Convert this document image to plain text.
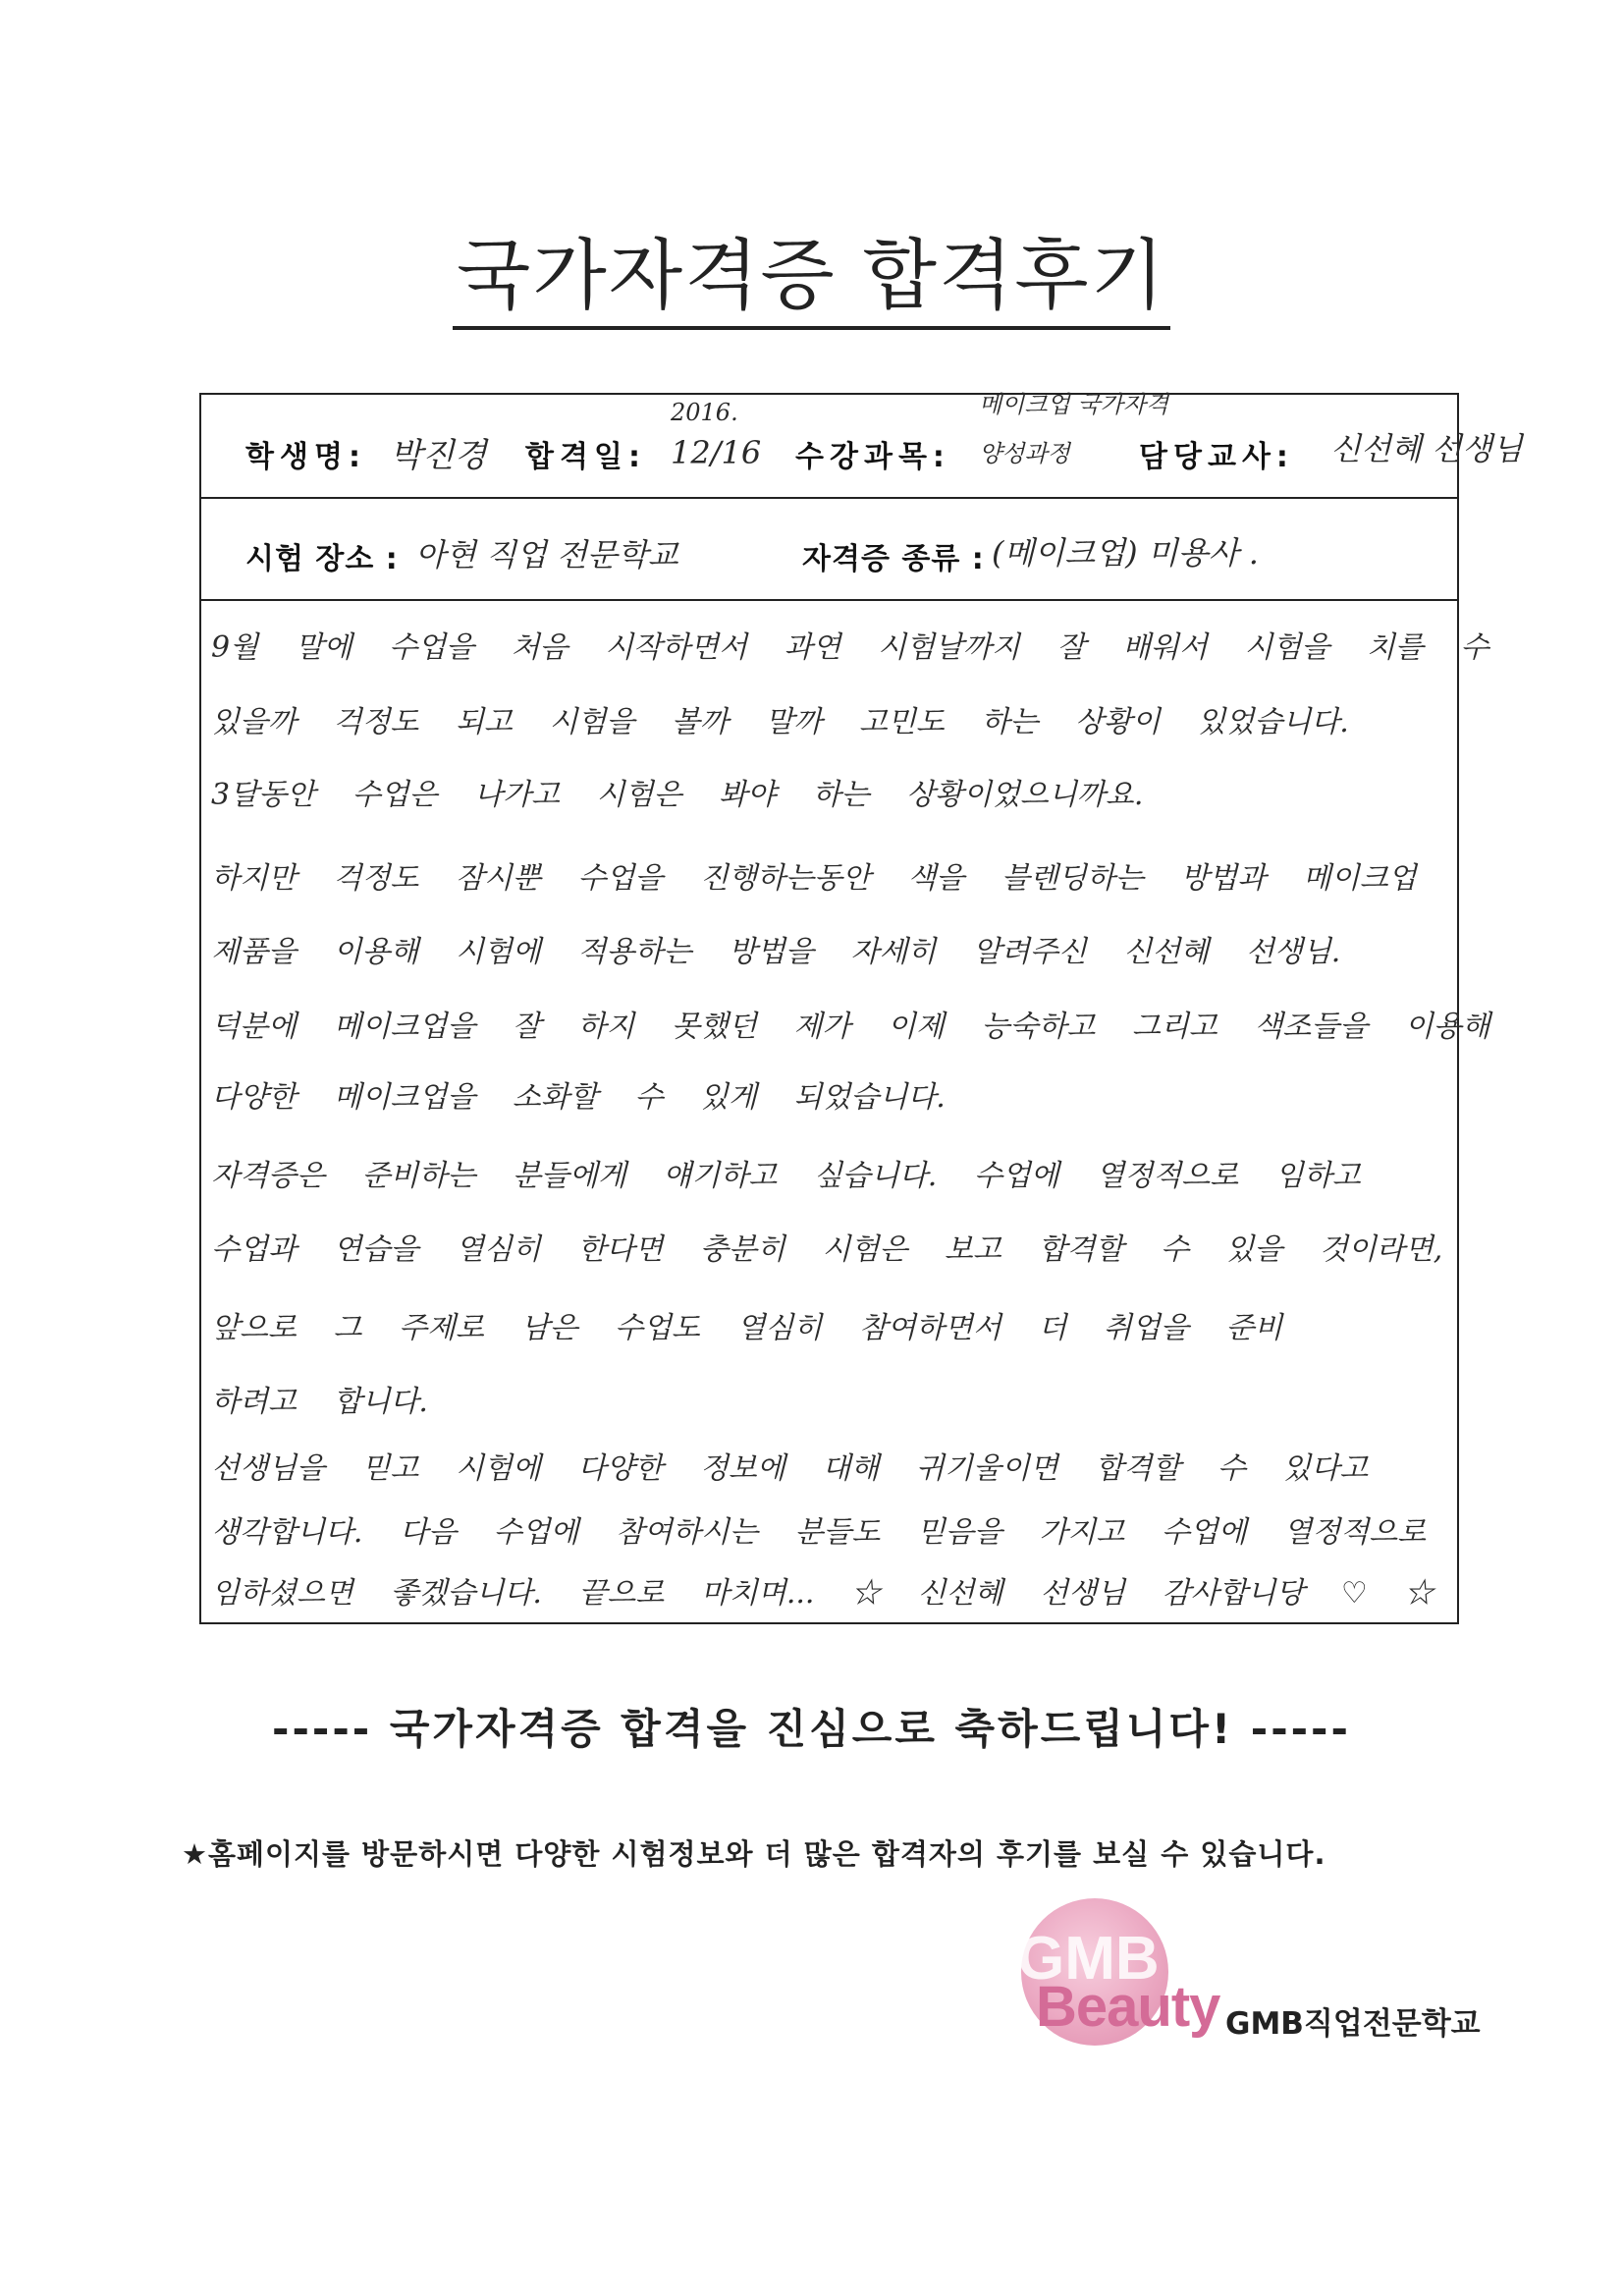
국가자격증 합격후기
학생명: 박진경 합격일:
2016.
12/16 수강과목:
메이크업 국가자격
양성과정 담당교사: 신선혜 선생님
시험 장소 : 아현 직업 전문학교	자격증 종류 : (메이크업) 미용사 .
9월 말에 수업을 처음 시작하면서 과연 시험날까지 잘 배워서 시험을 치를 수
있을까 걱정도 되고 시험을 볼까 말까 고민도 하는 상황이 있었습니다.
3달동안 수업은 나가고 시험은 봐야 하는 상황이었으니까요.
하지만 걱정도 잠시뿐 수업을 진행하는동안 색을 블렌딩하는 방법과 메이크업
제품을 이용해 시험에 적용하는 방법을 자세히 알려주신 신선혜 선생님.
덕분에 메이크업을 잘 하지 못했던 제가 이제 능숙하고 그리고 색조들을 이용해
다양한 메이크업을 소화할 수 있게 되었습니다.
자격증은 준비하는 분들에게 얘기하고 싶습니다. 수업에 열정적으로 임하고
수업과 연습을 열심히 한다면 충분히 시험은 보고 합격할 수 있을 것이라면,
앞으로 그 주제로 남은 수업도 열심히 참여하면서 더 취업을 준비
하려고 합니다.
선생님을 믿고 시험에 다양한 정보에 대해 귀기울이면 합격할 수 있다고
생각합니다. 다음 수업에 참여하시는 분들도 믿음을 가지고 수업에 열정적으로
임하셨으면 좋겠습니다. 끝으로 마치며... ☆ 신선혜 선생님 감사합니당 ♡ ☆
----- 국가자격증 합격을 진심으로 축하드립니다! -----
★홈페이지를 방문하시면 다양한 시험정보와 더 많은 합격자의 후기를 보실 수 있습니다.
GMB
Beauty GMB직업전문학교
